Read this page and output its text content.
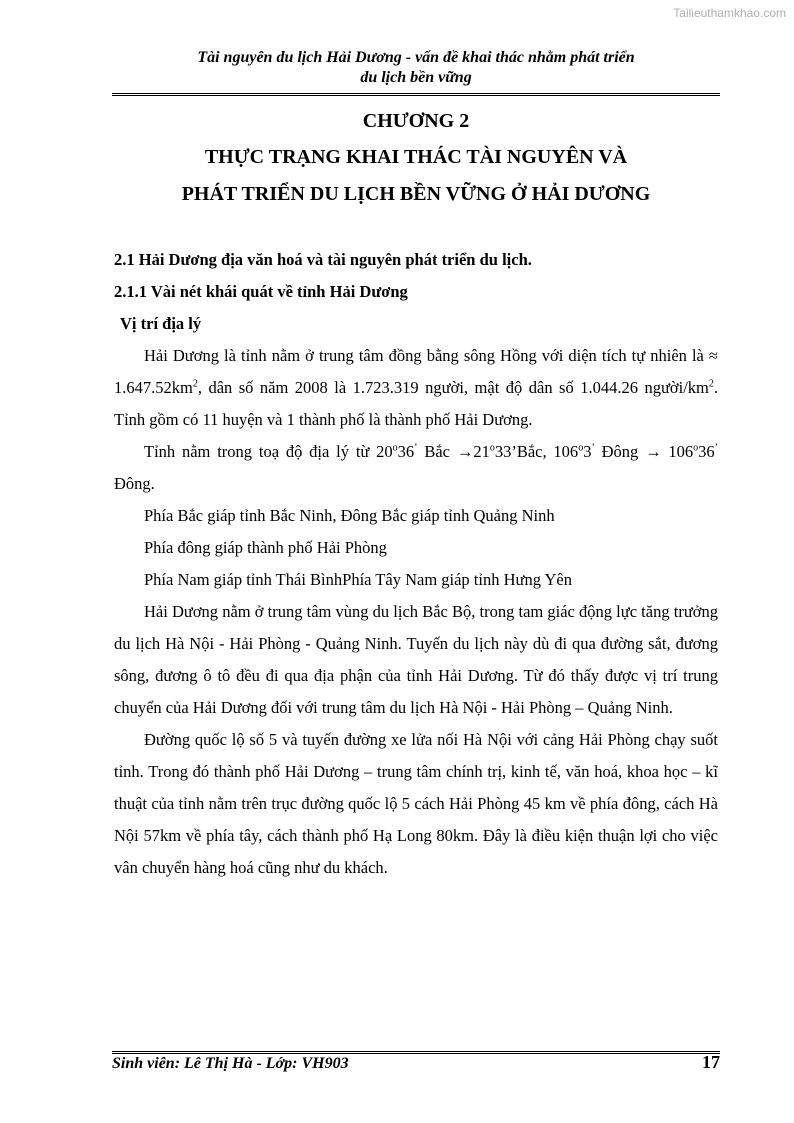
Tailieuthamkhao.com
Tài nguyên du lịch Hải Dương - vấn đề khai thác nhằm phát triển
du lịch bền vững
CHƯƠNG 2
THỰC TRẠNG KHAI THÁC TÀI NGUYÊN VÀ
PHÁT TRIỂN DU LỊCH BỀN VỮNG Ở HẢI DƯƠNG
2.1 Hải Dương địa văn hoá và tài nguyên phát triển du lịch.
2.1.1 Vài nét khái quát về tỉnh Hải Dương
Vị trí địa lý

Hải Dương là tỉnh nằm ở trung tâm đồng bằng sông Hồng với diện tích tự nhiên là ≈ $1.647.52km^2$, dân số năm 2008 là 1.723.319 người, mật độ dân số 1.044.26 người/$km^2$. Tỉnh gồm có 11 huyện và 1 thành phố là thành phố Hải Dương.

Tỉnh nằm trong toạ độ địa lý từ 20$^o$36’ Bắc $\to 21^o33’Bắc$, 106$^o$3’ Đông → $106^o36^’$ Đông.

Phía Bắc giáp tỉnh Bắc Ninh, Đông Bắc giáp tỉnh Quảng Ninh
Phía đông giáp thành phố Hải Phòng
Phía Nam giáp tỉnh Thái BìnhPhía Tây Nam giáp tỉnh Hưng Yên

Hải Dương nằm ở trung tâm vùng du lịch Bắc Bộ, trong tam giác động lực tăng trưởng du lịch Hà Nội - Hải Phòng - Quảng Ninh. Tuyến du lịch này dù đi qua đường sắt, đương sông, đương ô tô đều đi qua địa phận của tỉnh Hải Dương. Từ đó thấy được vị trí trung chuyển của Hải Dương đối với trung tâm du lịch Hà Nội - Hải Phòng – Quảng Ninh.

Đường quốc lộ số 5 và tuyến đường xe lửa nối Hà Nội với cảng Hải Phòng chạy suốt tỉnh. Trong đó thành phố Hải Dương – trung tâm chính trị, kinh tế, văn hoá, khoa học – kĩ thuật của tỉnh nằm trên trục đường quốc lộ 5 cách Hải Phòng 45 km về phía đông, cách Hà Nội 57km về phía tây, cách thành phố Hạ Long 80km. Đây là điều kiện thuận lợi cho việc vân chuyển hàng hoá cũng như du khách.

Sinh viên: Lê Thị Hà - Lớp: VH903	17
